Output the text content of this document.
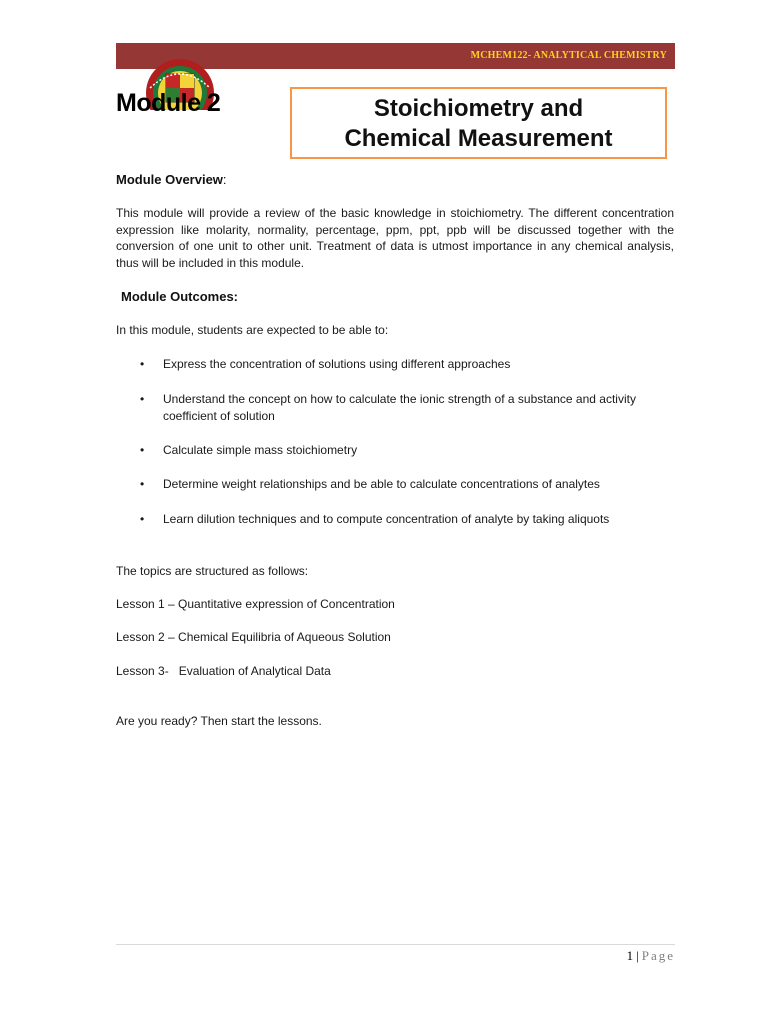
MCHEM122- ANALYTICAL CHEMISTRY
Module 2	Stoichiometry and
Chemical Measurement
Module Overview:
This module will provide a review of the basic knowledge in stoichiometry. The different concentration expression like molarity, normality, percentage, ppm, ppt, ppb will be discussed together with the conversion of one unit to other unit. Treatment of data is utmost importance in any chemical analysis, thus will be included in this module.
Module Outcomes:
In this module, students are expected to be able to:
• Express the concentration of solutions using different approaches
• Understand the concept on how to calculate the ionic strength of a substance and activity coefficient of solution
• Calculate simple mass stoichiometry
• Determine weight relationships and be able to calculate concentrations of analytes
• Learn dilution techniques and to compute concentration of analyte by taking aliquots
The topics are structured as follows:
Lesson 1 – Quantitative expression of Concentration
Lesson 2 – Chemical Equilibria of Aqueous Solution
Lesson 3-   Evaluation of Analytical Data
Are you ready? Then start the lessons.
1 | Page
